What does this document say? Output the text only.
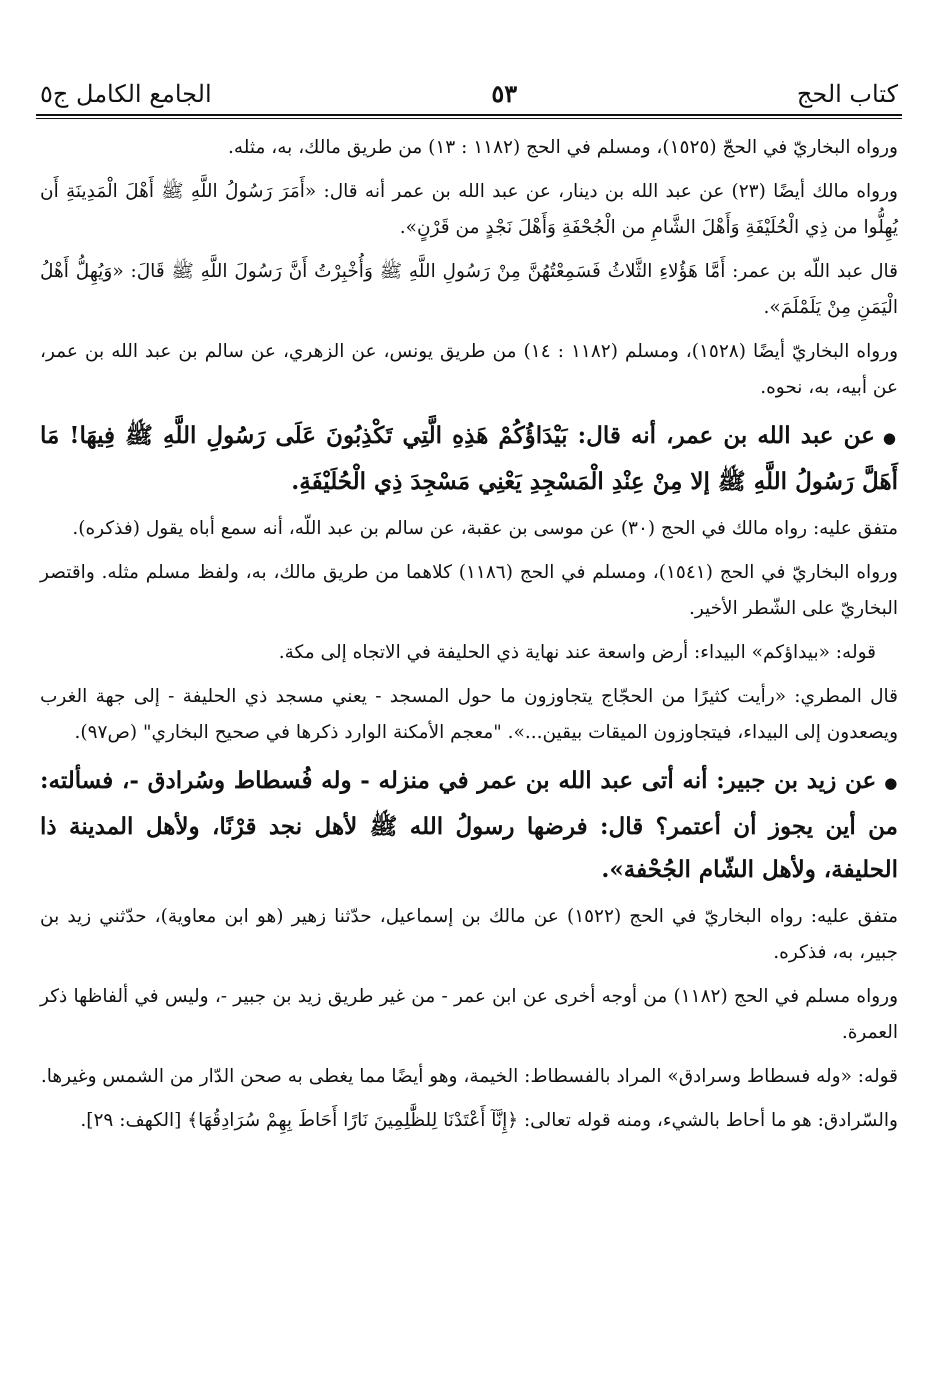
كتاب الحج
٥٣
الجامع الكامل ج٥

ورواه البخاريّ في الحجّ (١٥٢٥)، ومسلم في الحج (١١٨٢ : ١٣) من طريق مالك، به، مثله.

ورواه مالك أيضًا (٢٣) عن عبد الله بن دينار، عن عبد الله بن عمر أنه قال: «أَمَرَ رَسُولُ اللَّهِ ﷺ أَهْلَ الْمَدِينَةِ أَن يُهِلُّوا من ذِي الْحُلَيْفَةِ وَأَهْلَ الشَّامِ من الْجُحْفَةِ وَأَهْلَ نَجْدٍ من قَرْنٍ».

قال عبد اللّه بن عمر: أَمَّا هَؤُلاءِ الثَّلاثُ فَسَمِعْتُهُنَّ مِنْ رَسُولِ اللَّهِ ﷺ وَأُخْبِرْتُ أَنَّ رَسُولَ اللَّهِ ﷺ قَالَ: «وَيُهِلُّ أَهْلُ الْيَمَنِ مِنْ يَلَمْلَمَ».

ورواه البخاريّ أيضًا (١٥٢٨)، ومسلم (١١٨٢ : ١٤) من طريق يونس، عن الزهري، عن سالم بن عبد الله بن عمر، عن أبيه، به، نحوه.

●عن عبد الله بن عمر، أنه قال: بَيْدَاؤُكُمْ هَذِهِ الَّتِي تَكْذِبُونَ عَلَى رَسُولِ اللَّهِ ﷺ فِيهَا! مَا أَهَلَّ رَسُولُ اللَّهِ ﷺ إلا مِنْ عِنْدِ الْمَسْجِدِ يَعْنِي مَسْجِدَ ذِي الْحُلَيْفَةِ.

متفق عليه: رواه مالك في الحج (٣٠) عن موسى بن عقبة، عن سالم بن عبد اللّه، أنه سمع أباه يقول (فذكره).

ورواه البخاريّ في الحج (١٥٤١)، ومسلم في الحج (١١٨٦) كلاهما من طريق مالك، به، ولفظ مسلم مثله. واقتصر البخاريّ على الشّطر الأخير.

قوله: «بيداؤكم» البيداء: أرض واسعة عند نهاية ذي الحليفة في الاتجاه إلى مكة.

قال المطري: «رأيت كثيرًا من الحجّاج يتجاوزون ما حول المسجد - يعني مسجد ذي الحليفة - إلى جهة الغرب ويصعدون إلى البيداء، فيتجاوزون الميقات بيقين...». "معجم الأمكنة الوارد ذكرها في صحيح البخاري" (ص٩٧).

●عن زيد بن جبير: أنه أتى عبد الله بن عمر في منزله - وله فُسطاط وسُرادق -، فسألته: من أين يجوز أن أعتمر؟ قال: فرضها رسولُ الله ﷺ لأهل نجد قرْنًا، ولأهل المدينة ذا الحليفة، ولأهل الشّام الجُحْفة».

متفق عليه: رواه البخاريّ في الحج (١٥٢٢) عن مالك بن إسماعيل، حدّثنا زهير (هو ابن معاوية)، حدّثني زيد بن جبير، به، فذكره.

ورواه مسلم في الحج (١١٨٢) من أوجه أخرى عن ابن عمر - من غير طريق زيد بن جبير -، وليس في ألفاظها ذكر العمرة.

قوله: «وله فسطاط وسرادق» المراد بالفسطاط: الخيمة، وهو أيضًا مما يغطى به صحن الدّار من الشمس وغيرها.

والسّرادق: هو ما أحاط بالشيء، ومنه قوله تعالى: ﴿إِنَّآ أَعْتَدْنَا لِلظَّٰلِمِينَ نَارًا أَحَاطَ بِهِمْ سُرَادِقُهَا﴾ [الكهف: ٢٩].
